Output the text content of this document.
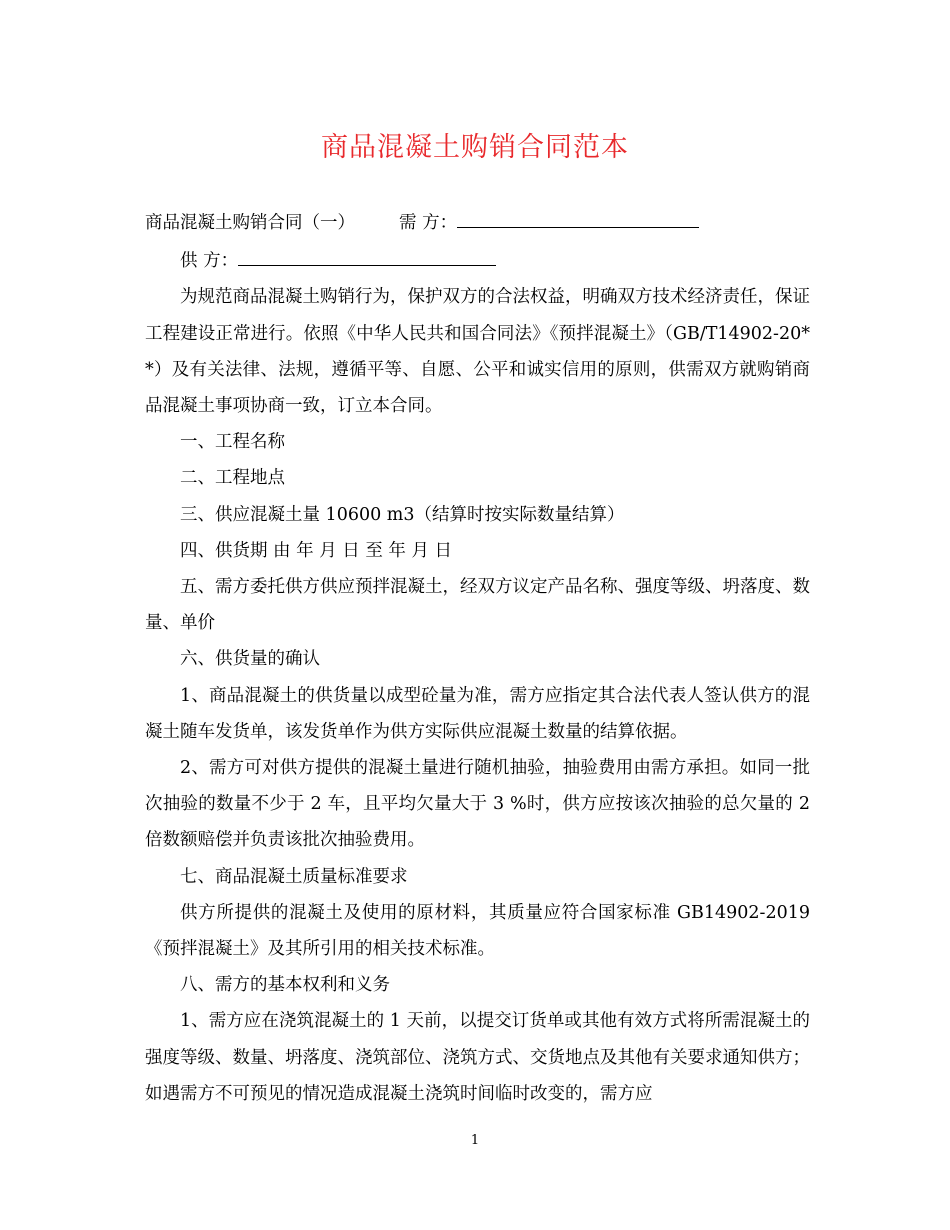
商品混凝土购销合同范本

商品混凝土购销合同（一）	需 方：

供 方：

为规范商品混凝土购销行为，保护双方的合法权益，明确双方技术经济责任，保证工程建设正常进行。依照《中华人民共和国合同法》《预拌混凝土》（GB/T14902-20**）及有关法律、法规，遵循平等、自愿、公平和诚实信用的原则，供需双方就购销商品混凝土事项协商一致，订立本合同。

一、工程名称

二、工程地点

三、供应混凝土量 10600 m3（结算时按实际数量结算）

四、供货期 由 年 月 日 至 年 月 日

五、需方委托供方供应预拌混凝土，经双方议定产品名称、强度等级、坍落度、数量、单价

六、供货量的确认

1、商品混凝土的供货量以成型砼量为准，需方应指定其合法代表人签认供方的混凝土随车发货单，该发货单作为供方实际供应混凝土数量的结算依据。

2、需方可对供方提供的混凝土量进行随机抽验，抽验费用由需方承担。如同一批次抽验的数量不少于 2 车，且平均欠量大于 3 %时，供方应按该次抽验的总欠量的 2 倍数额赔偿并负责该批次抽验费用。

七、商品混凝土质量标准要求

供方所提供的混凝土及使用的原材料，其质量应符合国家标准 GB14902-2019《预拌混凝土》及其所引用的相关技术标准。

八、需方的基本权利和义务

1、需方应在浇筑混凝土的 1 天前，以提交订货单或其他有效方式将所需混凝土的强度等级、数量、坍落度、浇筑部位、浇筑方式、交货地点及其他有关要求通知供方； 如遇需方不可预见的情况造成混凝土浇筑时间临时改变的，需方应

1
